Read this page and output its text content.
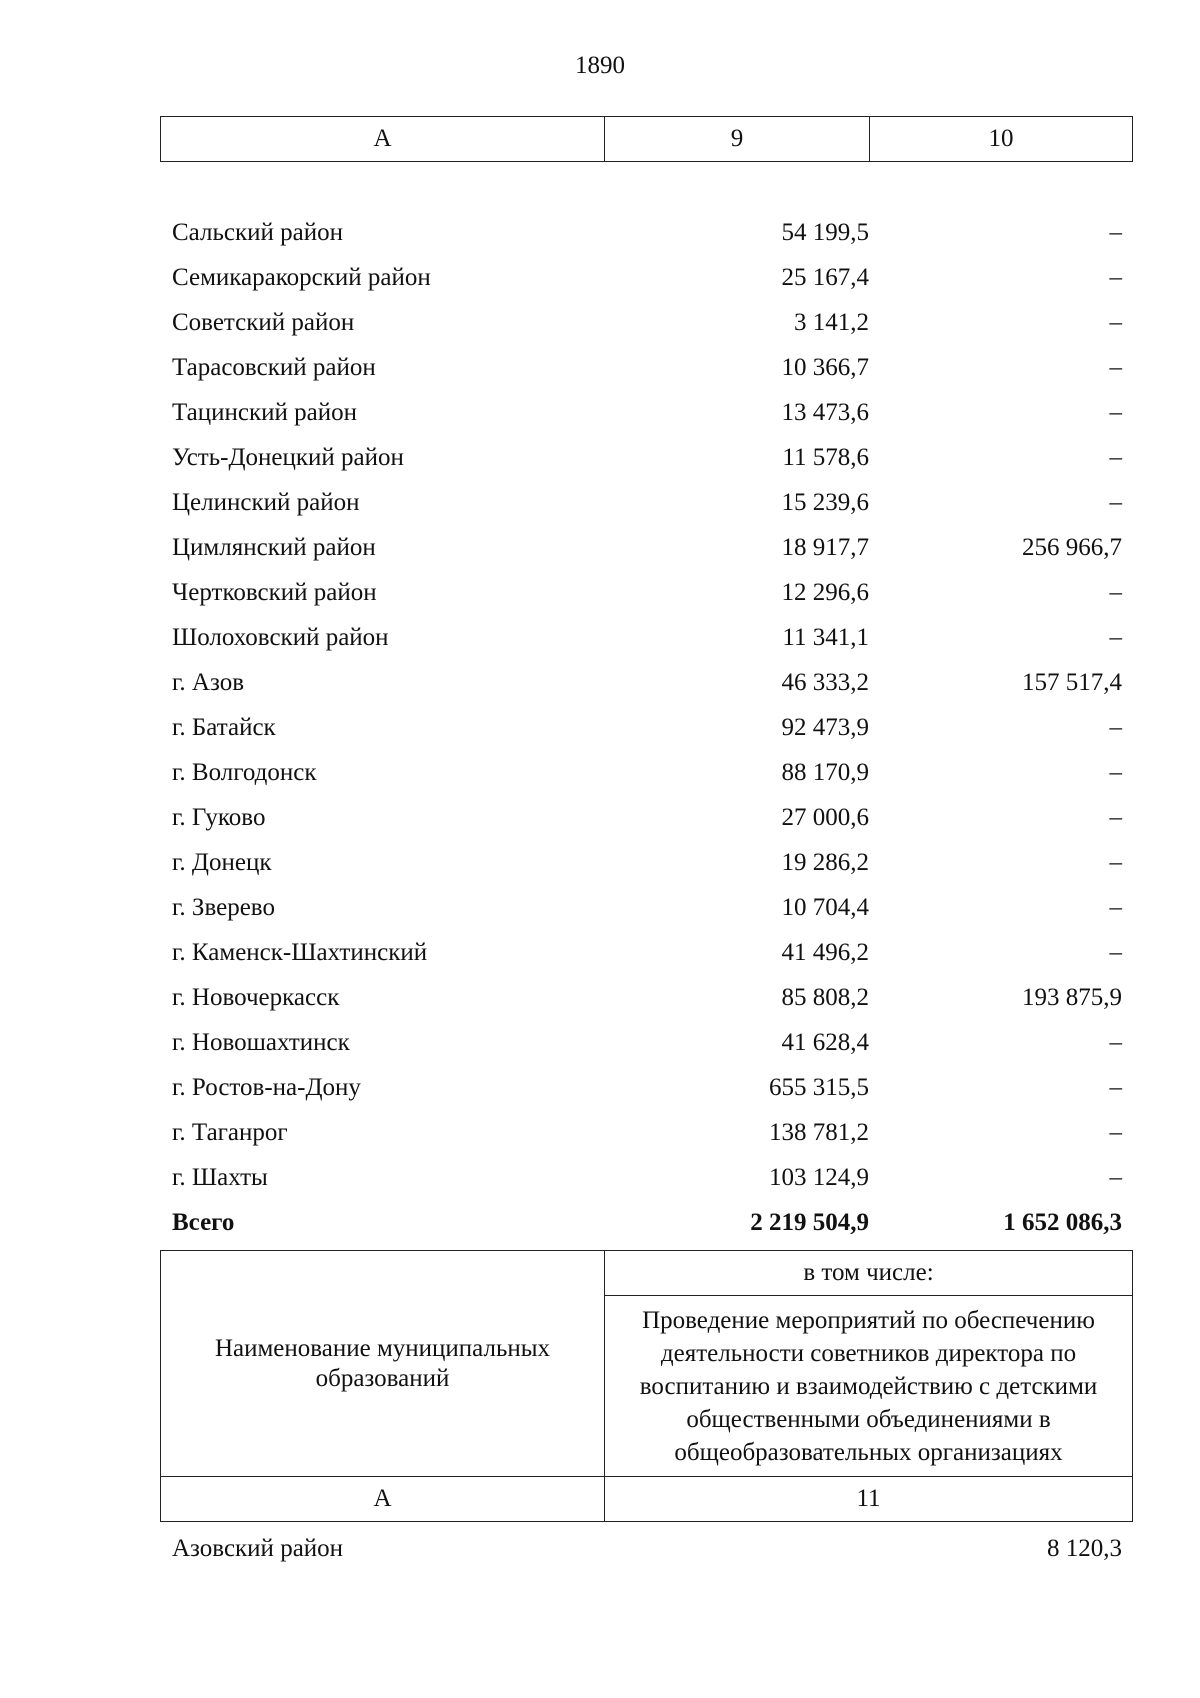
1890
А	9	10
Сальский район	54 199,5	–
Семикаракорский район	25 167,4	–
Советский район	3 141,2	–
Тарасовский район	10 366,7	–
Тацинский район	13 473,6	–
Усть-Донецкий район	11 578,6	–
Целинский район	15 239,6	–
Цимлянский район	18 917,7	256 966,7
Чертковский район	12 296,6	–
Шолоховский район	11 341,1	–
г. Азов	46 333,2	157 517,4
г. Батайск	92 473,9	–
г. Волгодонск	88 170,9	–
г. Гуково	27 000,6	–
г. Донецк	19 286,2	–
г. Зверево	10 704,4	–
г. Каменск-Шахтинский	41 496,2	–
г. Новочеркасск	85 808,2	193 875,9
г. Новошахтинск	41 628,4	–
г. Ростов-на-Дону	655 315,5	–
г. Таганрог	138 781,2	–
г. Шахты	103 124,9	–
Всего	2 219 504,9	1 652 086,3
Наименование муниципальных образований
в том числе:
Проведение мероприятий по обеспечению деятельности советников директора по воспитанию и взаимодействию с детскими общественными объединениями в общеобразовательных организациях
А	11
Азовский район	8 120,3
